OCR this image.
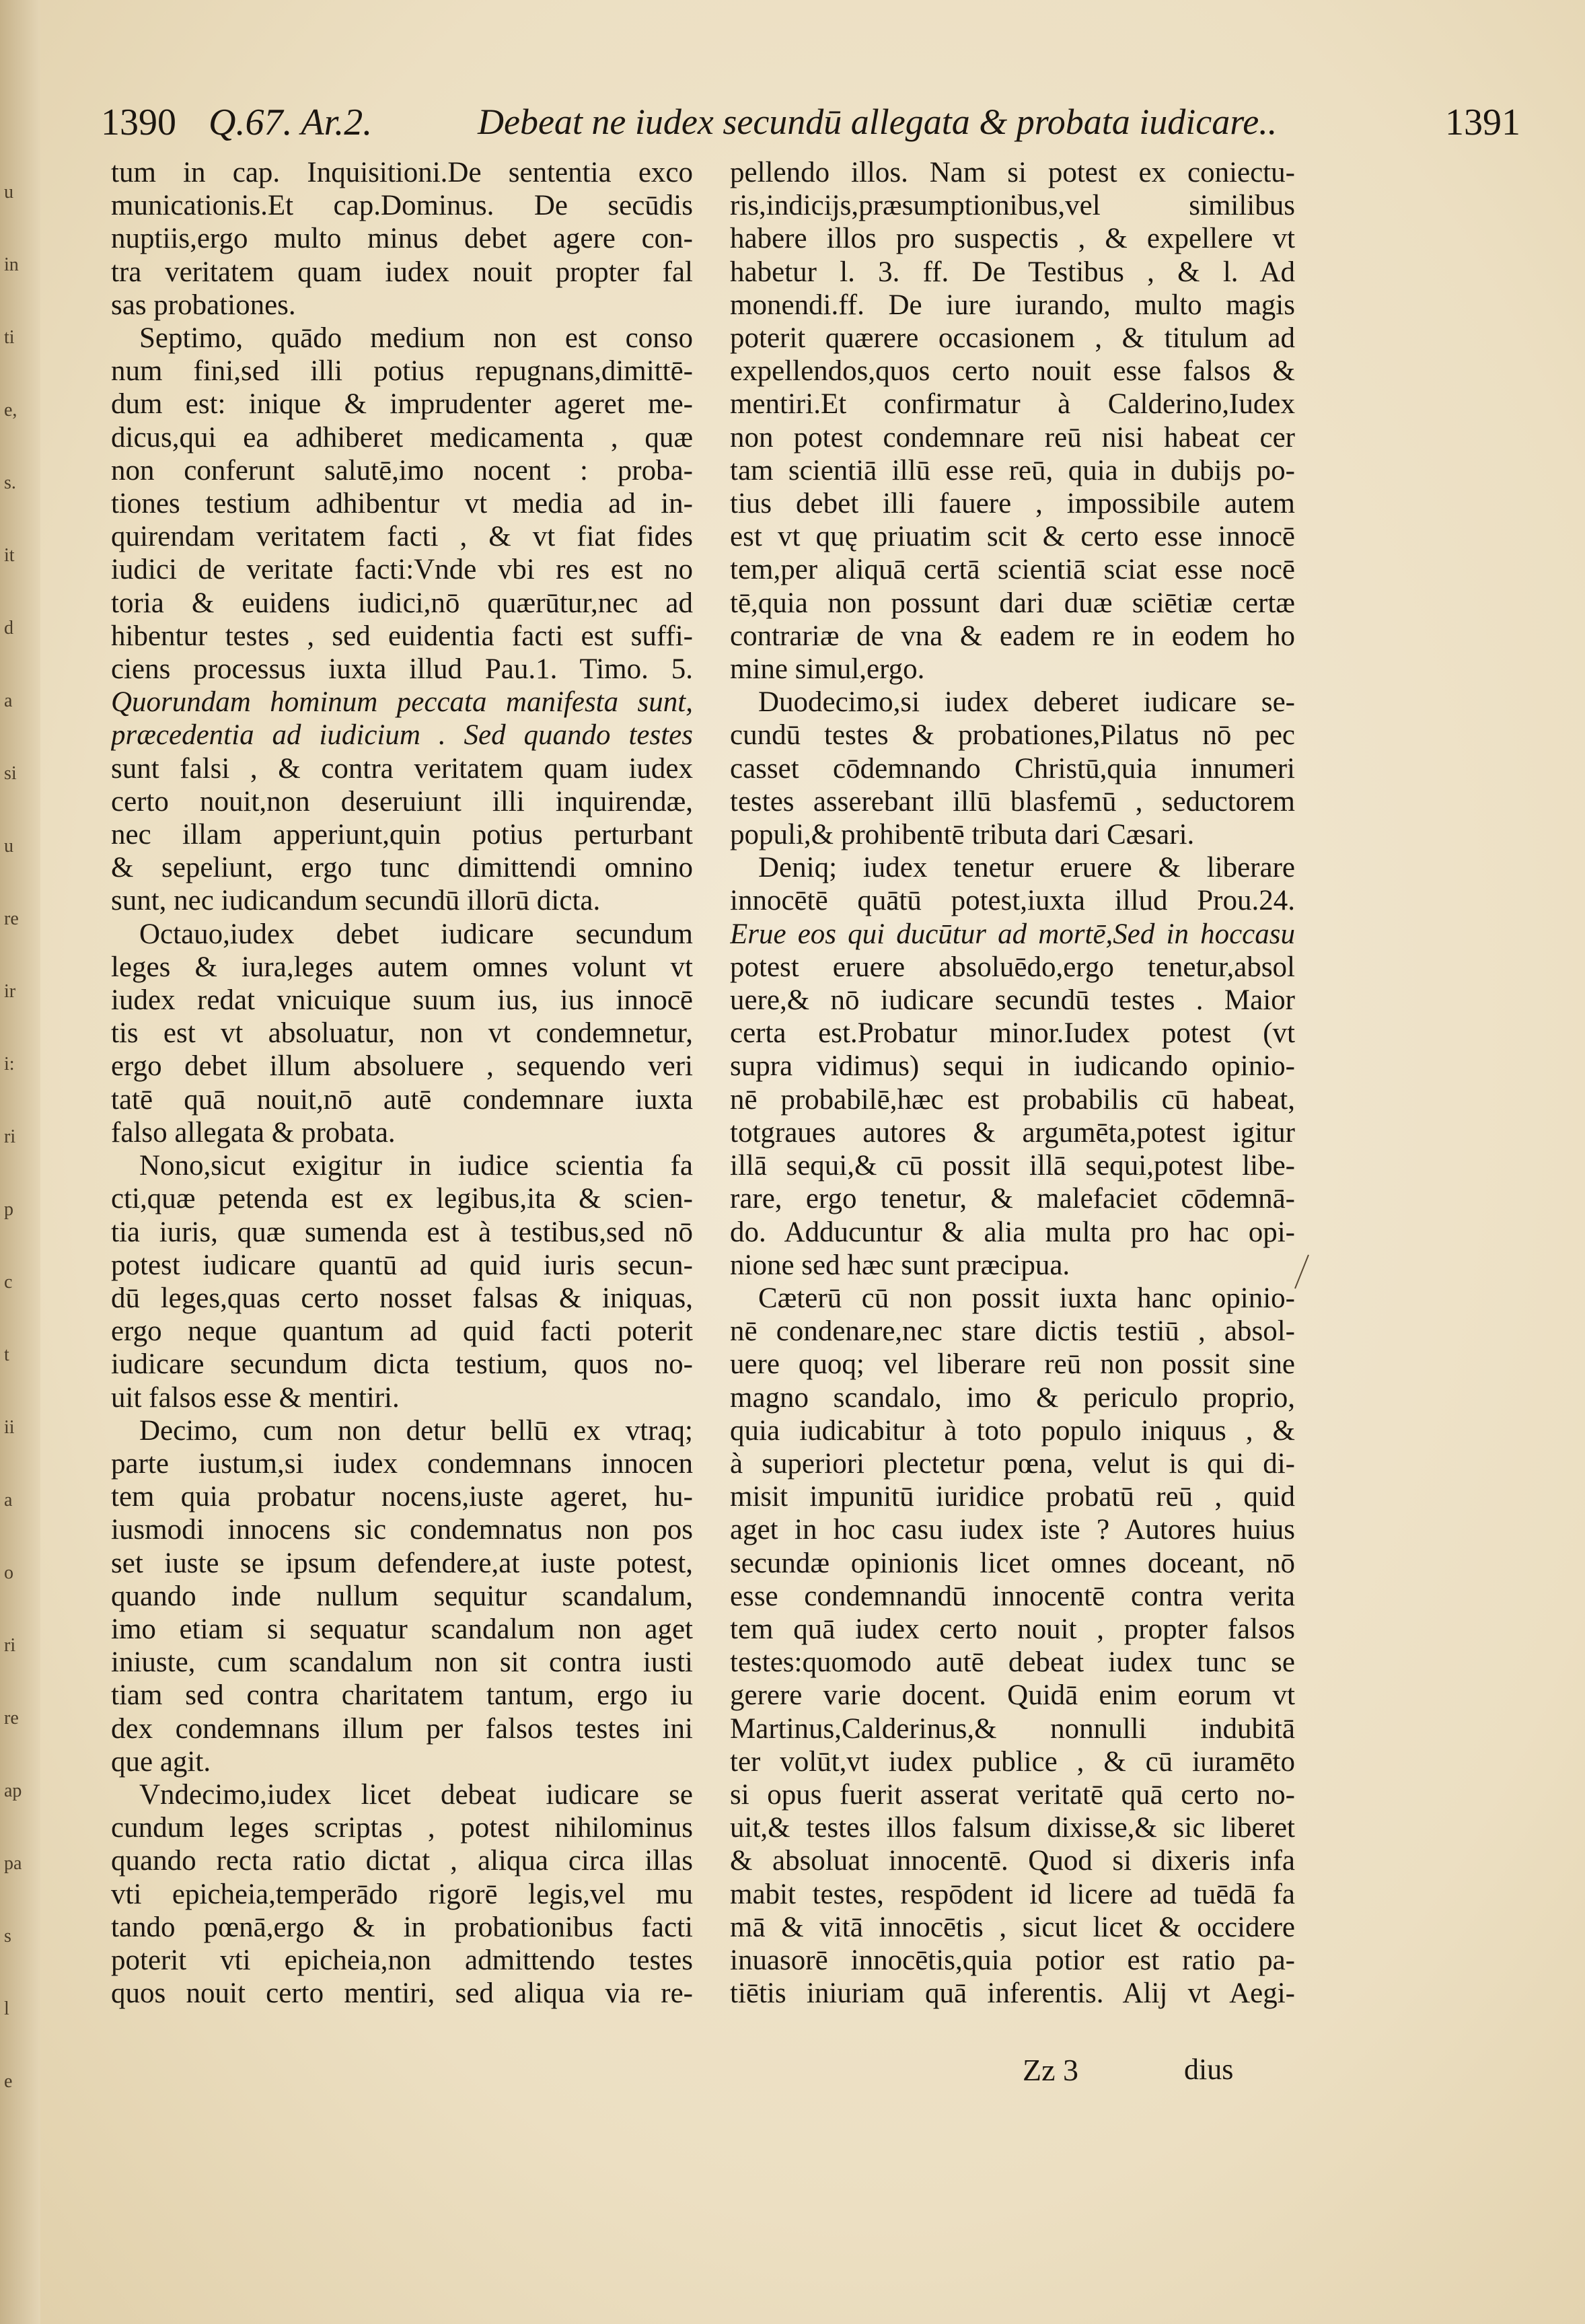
1390 Q.67. Ar.2.	Debeat ne iudex secundū allegata & probata iudicare..	1391

tum in cap. Inquisitioni.De sententia exco

municationis.Et cap.Dominus. De secūdis

nuptiis,ergo multo minus debet agere con-

tra veritatem quam iudex nouit propter fal

sas probationes.

Septimo, quādo medium non est conso

num fini,sed illi potius repugnans,dimittē-

dum est: inique & imprudenter ageret me-

dicus,qui ea adhiberet medicamenta , quæ

non conferunt salutē,imo nocent : proba-

tiones testium adhibentur vt media ad in-

quirendam veritatem facti , & vt fiat fides

iudici de veritate facti:Vnde vbi res est no

toria & euidens iudici,nō quærūtur,nec ad

hibentur testes , sed euidentia facti est suffi-

ciens processus iuxta illud Pau.1. Timo. 5.

Quorundam hominum peccata manifesta sunt,

præcedentia ad iudicium . Sed quando testes

sunt falsi , & contra veritatem quam iudex

certo nouit,non deseruiunt illi inquirendæ,

nec illam apperiunt,quin potius perturbant

& sepeliunt, ergo tunc dimittendi omnino

sunt, nec iudicandum secundū illorū dicta.

Octauo,iudex debet iudicare secundum

leges & iura,leges autem omnes volunt vt

iudex redat vnicuique suum ius, ius innocē

tis est vt absoluatur, non vt condemnetur,

ergo debet illum absoluere , sequendo veri

tatē quā nouit,nō autē condemnare iuxta

falso allegata & probata.

Nono,sicut exigitur in iudice scientia fa

cti,quæ petenda est ex legibus,ita & scien-

tia iuris, quæ sumenda est à testibus,sed nō

potest iudicare quantū ad quid iuris secun-

dū leges,quas certo nosset falsas & iniquas,

ergo neque quantum ad quid facti poterit

iudicare secundum dicta testium, quos no-

uit falsos esse & mentiri.

Decimo, cum non detur bellū ex vtraq;

parte iustum,si iudex condemnans innocen

tem quia probatur nocens,iuste ageret, hu-

iusmodi innocens sic condemnatus non pos

set iuste se ipsum defendere,at iuste potest,

quando inde nullum sequitur scandalum,

imo etiam si sequatur scandalum non aget

iniuste, cum scandalum non sit contra iusti

tiam sed contra charitatem tantum, ergo iu

dex condemnans illum per falsos testes ini

que agit.

Vndecimo,iudex licet debeat iudicare se

cundum leges scriptas , potest nihilominus

quando recta ratio dictat , aliqua circa illas

vti epicheia,temperādo rigorē legis,vel mu

tando pœnā,ergo & in probationibus facti

poterit vti epicheia,non admittendo testes

quos nouit certo mentiri, sed aliqua via re-

pellendo illos. Nam si potest ex coniectu-

ris,indicijs,præsumptionibus,vel similibus

habere illos pro suspectis , & expellere vt

habetur l. 3. ff. De Testibus , & l. Ad

monendi.ff. De iure iurando, multo magis

poterit quærere occasionem , & titulum ad

expellendos,quos certo nouit esse falsos &

mentiri.Et confirmatur à Calderino,Iudex

non potest condemnare reū nisi habeat cer

tam scientiā illū esse reū, quia in dubijs po-

tius debet illi fauere , impossibile autem

est vt quę priuatim scit & certo esse innocē

tem,per aliquā certā scientiā sciat esse nocē

tē,quia non possunt dari duæ sciētiæ certæ

contrariæ de vna & eadem re in eodem ho

mine simul,ergo.

Duodecimo,si iudex deberet iudicare se-

cundū testes & probationes,Pilatus nō pec

casset cōdemnando Christū,quia innumeri

testes asserebant illū blasfemū , seductorem

populi,& prohibentē tributa dari Cæsari.

Deniq; iudex tenetur eruere & liberare

innocētē quātū potest,iuxta illud Prou.24.

Erue eos qui ducūtur ad mortē,Sed in hoccasu

potest eruere absoluēdo,ergo tenetur,absol

uere,& nō iudicare secundū testes . Maior

certa est.Probatur minor.Iudex potest (vt

supra vidimus) sequi in iudicando opinio-

nē probabilē,hæc est probabilis cū habeat,

totgraues autores & argumēta,potest igitur

illā sequi,& cū possit illā sequi,potest libe-

rare, ergo tenetur, & malefaciet cōdemnā-

do. Adducuntur & alia multa pro hac opi-

nione sed hæc sunt præcipua.

Cæterū cū non possit iuxta hanc opinio-

nē condenare,nec stare dictis testiū , absol-

uere quoq; vel liberare reū non possit sine

magno scandalo, imo & periculo proprio,

quia iudicabitur à toto populo iniquus , &

à superiori plectetur pœna, velut is qui di-

misit impunitū iuridice probatū reū , quid

aget in hoc casu iudex iste ? Autores huius

secundæ opinionis licet omnes doceant, nō

esse condemnandū innocentē contra verita

tem quā iudex certo nouit , propter falsos

testes:quomodo autē debeat iudex tunc se

gerere varie docent. Quidā enim eorum vt

Martinus,Calderinus,& nonnulli indubitā

ter volūt,vt iudex publice , & cū iuramēto

si opus fuerit asserat veritatē quā certo no-

uit,& testes illos falsum dixisse,& sic liberet

& absoluat innocentē. Quod si dixeris infa

mabit testes, respōdent id licere ad tuēdā fa

mā & vitā innocētis , sicut licet & occidere

inuasorē innocētis,quia potior est ratio pa-

tiētis iniuriam quā inferentis. Alij vt Aegi-

Zz 3	dius
u
in
ti
e,
s.
it
d
a
si
u
re
ir
i:
ri
p
c
t
ii
a
o
ri
re
ap
pa
s
l
e
